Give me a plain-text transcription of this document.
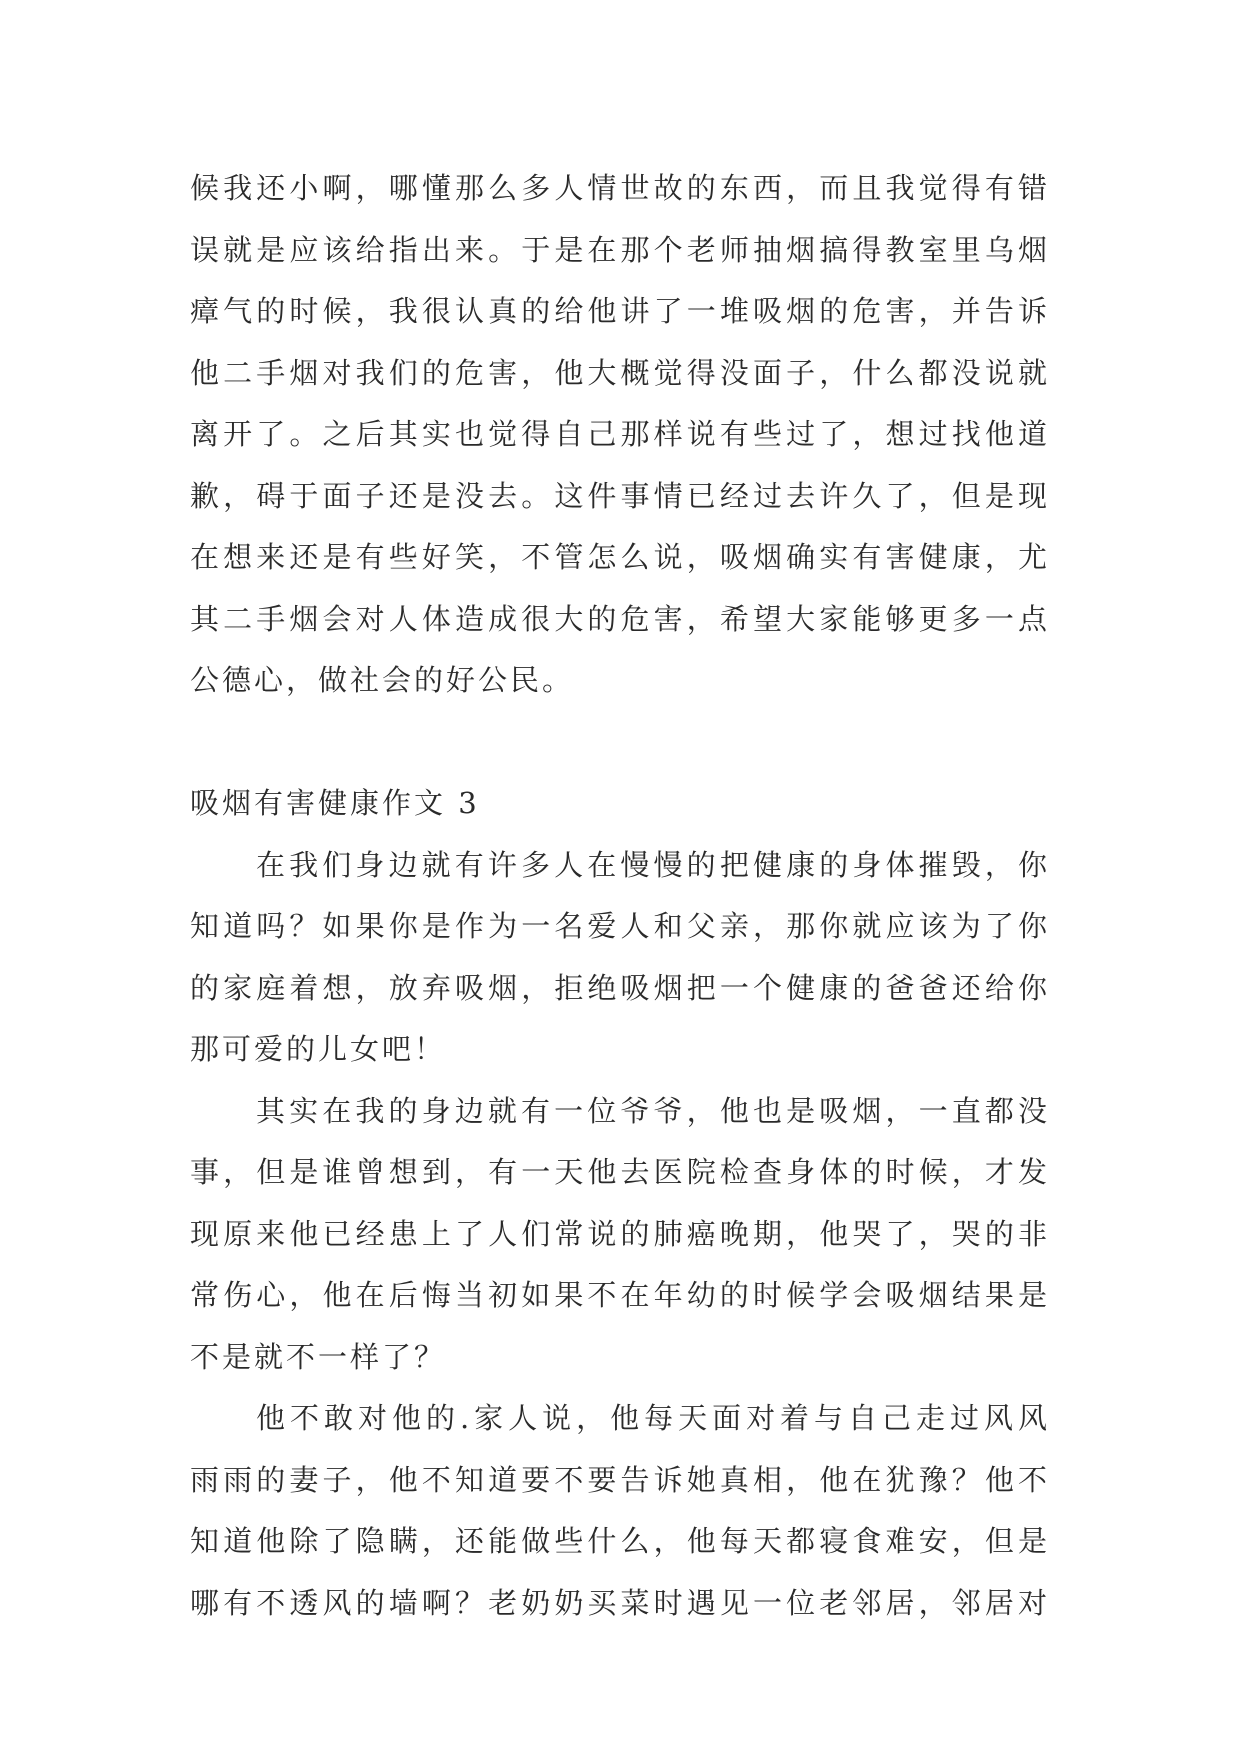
候我还小啊，哪懂那么多人情世故的东西，而且我觉得有错
误就是应该给指出来。于是在那个老师抽烟搞得教室里乌烟
瘴气的时候，我很认真的给他讲了一堆吸烟的危害，并告诉
他二手烟对我们的危害，他大概觉得没面子，什么都没说就
离开了。之后其实也觉得自己那样说有些过了，想过找他道
歉，碍于面子还是没去。这件事情已经过去许久了，但是现
在想来还是有些好笑，不管怎么说，吸烟确实有害健康，尤
其二手烟会对人体造成很大的危害，希望大家能够更多一点
公德心，做社会的好公民。
吸烟有害健康作文 3
在我们身边就有许多人在慢慢的把健康的身体摧毁，你
知道吗？如果你是作为一名爱人和父亲，那你就应该为了你
的家庭着想，放弃吸烟，拒绝吸烟把一个健康的爸爸还给你
那可爱的儿女吧！
其实在我的身边就有一位爷爷，他也是吸烟，一直都没
事，但是谁曾想到，有一天他去医院检查身体的时候，才发
现原来他已经患上了人们常说的肺癌晚期，他哭了，哭的非
常伤心，他在后悔当初如果不在年幼的时候学会吸烟结果是
不是就不一样了？
他不敢对他的.家人说，他每天面对着与自己走过风风
雨雨的妻子，他不知道要不要告诉她真相，他在犹豫？他不
知道他除了隐瞒，还能做些什么，他每天都寝食难安，但是
哪有不透风的墙啊？老奶奶买菜时遇见一位老邻居，邻居对
